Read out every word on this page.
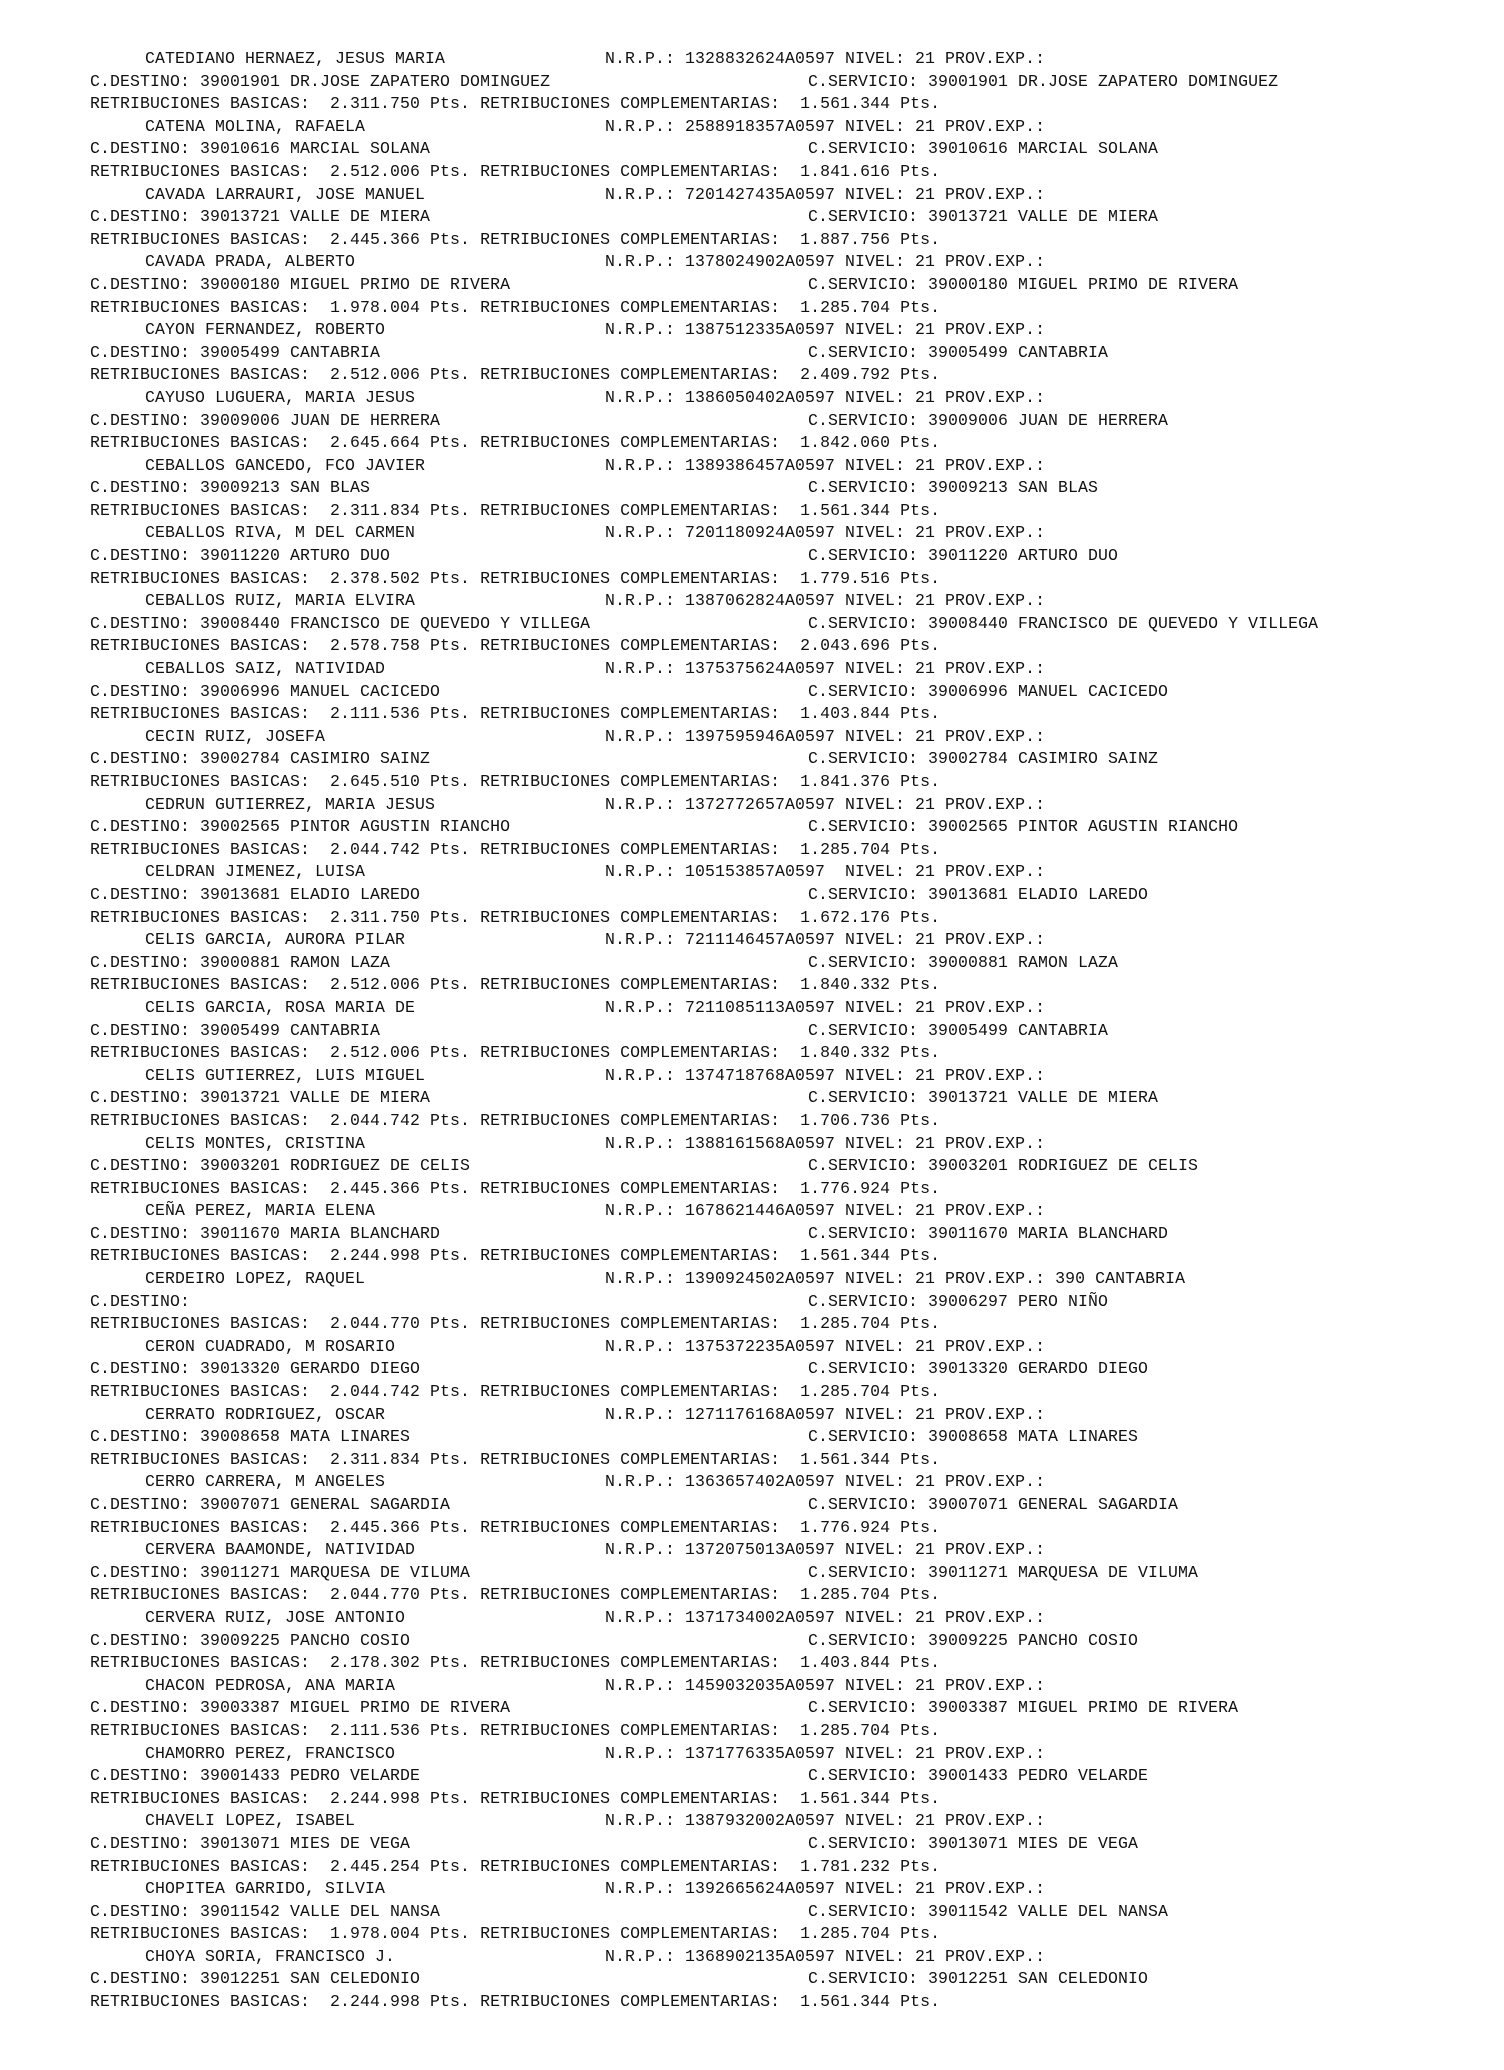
CATEDIANO HERNAEZ, JESUS MARIA

	N.R.P.: 1328832624A0597 NIVEL: 21 PROV.EXP.:

C.DESTINO: 39001901 DR.JOSE ZAPATERO DOMINGUEZ

	C.SERVICIO: 39001901 DR.JOSE ZAPATERO DOMINGUEZ

RETRIBUCIONES BASICAS:  2.311.750 Pts. RETRIBUCIONES COMPLEMENTARIAS:  1.561.344 Pts.

CATENA MOLINA, RAFAELA

	N.R.P.: 2588918357A0597 NIVEL: 21 PROV.EXP.:

C.DESTINO: 39010616 MARCIAL SOLANA

	C.SERVICIO: 39010616 MARCIAL SOLANA

RETRIBUCIONES BASICAS:  2.512.006 Pts. RETRIBUCIONES COMPLEMENTARIAS:  1.841.616 Pts.

CAVADA LARRAURI, JOSE MANUEL

	N.R.P.: 7201427435A0597 NIVEL: 21 PROV.EXP.:

C.DESTINO: 39013721 VALLE DE MIERA

	C.SERVICIO: 39013721 VALLE DE MIERA

RETRIBUCIONES BASICAS:  2.445.366 Pts. RETRIBUCIONES COMPLEMENTARIAS:  1.887.756 Pts.

CAVADA PRADA, ALBERTO

	N.R.P.: 1378024902A0597 NIVEL: 21 PROV.EXP.:

C.DESTINO: 39000180 MIGUEL PRIMO DE RIVERA

	C.SERVICIO: 39000180 MIGUEL PRIMO DE RIVERA

RETRIBUCIONES BASICAS:  1.978.004 Pts. RETRIBUCIONES COMPLEMENTARIAS:  1.285.704 Pts.

CAYON FERNANDEZ, ROBERTO

	N.R.P.: 1387512335A0597 NIVEL: 21 PROV.EXP.:

C.DESTINO: 39005499 CANTABRIA

	C.SERVICIO: 39005499 CANTABRIA

RETRIBUCIONES BASICAS:  2.512.006 Pts. RETRIBUCIONES COMPLEMENTARIAS:  2.409.792 Pts.

CAYUSO LUGUERA, MARIA JESUS

	N.R.P.: 1386050402A0597 NIVEL: 21 PROV.EXP.:

C.DESTINO: 39009006 JUAN DE HERRERA

	C.SERVICIO: 39009006 JUAN DE HERRERA

RETRIBUCIONES BASICAS:  2.645.664 Pts. RETRIBUCIONES COMPLEMENTARIAS:  1.842.060 Pts.

CEBALLOS GANCEDO, FCO JAVIER

	N.R.P.: 1389386457A0597 NIVEL: 21 PROV.EXP.:

C.DESTINO: 39009213 SAN BLAS

	C.SERVICIO: 39009213 SAN BLAS

RETRIBUCIONES BASICAS:  2.311.834 Pts. RETRIBUCIONES COMPLEMENTARIAS:  1.561.344 Pts.

CEBALLOS RIVA, M DEL CARMEN

	N.R.P.: 7201180924A0597 NIVEL: 21 PROV.EXP.:

C.DESTINO: 39011220 ARTURO DUO

	C.SERVICIO: 39011220 ARTURO DUO

RETRIBUCIONES BASICAS:  2.378.502 Pts. RETRIBUCIONES COMPLEMENTARIAS:  1.779.516 Pts.

CEBALLOS RUIZ, MARIA ELVIRA

	N.R.P.: 1387062824A0597 NIVEL: 21 PROV.EXP.:

C.DESTINO: 39008440 FRANCISCO DE QUEVEDO Y VILLEGA

	C.SERVICIO: 39008440 FRANCISCO DE QUEVEDO Y VILLEGA

RETRIBUCIONES BASICAS:  2.578.758 Pts. RETRIBUCIONES COMPLEMENTARIAS:  2.043.696 Pts.

CEBALLOS SAIZ, NATIVIDAD

	N.R.P.: 1375375624A0597 NIVEL: 21 PROV.EXP.:

C.DESTINO: 39006996 MANUEL CACICEDO

	C.SERVICIO: 39006996 MANUEL CACICEDO

RETRIBUCIONES BASICAS:  2.111.536 Pts. RETRIBUCIONES COMPLEMENTARIAS:  1.403.844 Pts.

CECIN RUIZ, JOSEFA

	N.R.P.: 1397595946A0597 NIVEL: 21 PROV.EXP.:

C.DESTINO: 39002784 CASIMIRO SAINZ

	C.SERVICIO: 39002784 CASIMIRO SAINZ

RETRIBUCIONES BASICAS:  2.645.510 Pts. RETRIBUCIONES COMPLEMENTARIAS:  1.841.376 Pts.

CEDRUN GUTIERREZ, MARIA JESUS

	N.R.P.: 1372772657A0597 NIVEL: 21 PROV.EXP.:

C.DESTINO: 39002565 PINTOR AGUSTIN RIANCHO

	C.SERVICIO: 39002565 PINTOR AGUSTIN RIANCHO

RETRIBUCIONES BASICAS:  2.044.742 Pts. RETRIBUCIONES COMPLEMENTARIAS:  1.285.704 Pts.

CELDRAN JIMENEZ, LUISA

	N.R.P.: 105153857A0597  NIVEL: 21 PROV.EXP.:

C.DESTINO: 39013681 ELADIO LAREDO

	C.SERVICIO: 39013681 ELADIO LAREDO

RETRIBUCIONES BASICAS:  2.311.750 Pts. RETRIBUCIONES COMPLEMENTARIAS:  1.672.176 Pts.

CELIS GARCIA, AURORA PILAR

	N.R.P.: 7211146457A0597 NIVEL: 21 PROV.EXP.:

C.DESTINO: 39000881 RAMON LAZA

	C.SERVICIO: 39000881 RAMON LAZA

RETRIBUCIONES BASICAS:  2.512.006 Pts. RETRIBUCIONES COMPLEMENTARIAS:  1.840.332 Pts.

CELIS GARCIA, ROSA MARIA DE

	N.R.P.: 7211085113A0597 NIVEL: 21 PROV.EXP.:

C.DESTINO: 39005499 CANTABRIA

	C.SERVICIO: 39005499 CANTABRIA

RETRIBUCIONES BASICAS:  2.512.006 Pts. RETRIBUCIONES COMPLEMENTARIAS:  1.840.332 Pts.

CELIS GUTIERREZ, LUIS MIGUEL

	N.R.P.: 1374718768A0597 NIVEL: 21 PROV.EXP.:

C.DESTINO: 39013721 VALLE DE MIERA

	C.SERVICIO: 39013721 VALLE DE MIERA

RETRIBUCIONES BASICAS:  2.044.742 Pts. RETRIBUCIONES COMPLEMENTARIAS:  1.706.736 Pts.

CELIS MONTES, CRISTINA

	N.R.P.: 1388161568A0597 NIVEL: 21 PROV.EXP.:

C.DESTINO: 39003201 RODRIGUEZ DE CELIS

	C.SERVICIO: 39003201 RODRIGUEZ DE CELIS

RETRIBUCIONES BASICAS:  2.445.366 Pts. RETRIBUCIONES COMPLEMENTARIAS:  1.776.924 Pts.

CEÑA PEREZ, MARIA ELENA

	N.R.P.: 1678621446A0597 NIVEL: 21 PROV.EXP.:

C.DESTINO: 39011670 MARIA BLANCHARD

	C.SERVICIO: 39011670 MARIA BLANCHARD

RETRIBUCIONES BASICAS:  2.244.998 Pts. RETRIBUCIONES COMPLEMENTARIAS:  1.561.344 Pts.

CERDEIRO LOPEZ, RAQUEL

	N.R.P.: 1390924502A0597 NIVEL: 21 PROV.EXP.: 390 CANTABRIA

C.DESTINO:

	C.SERVICIO: 39006297 PERO NIÑO

RETRIBUCIONES BASICAS:  2.044.770 Pts. RETRIBUCIONES COMPLEMENTARIAS:  1.285.704 Pts.

CERON CUADRADO, M ROSARIO

	N.R.P.: 1375372235A0597 NIVEL: 21 PROV.EXP.:

C.DESTINO: 39013320 GERARDO DIEGO

	C.SERVICIO: 39013320 GERARDO DIEGO

RETRIBUCIONES BASICAS:  2.044.742 Pts. RETRIBUCIONES COMPLEMENTARIAS:  1.285.704 Pts.

CERRATO RODRIGUEZ, OSCAR

	N.R.P.: 1271176168A0597 NIVEL: 21 PROV.EXP.:

C.DESTINO: 39008658 MATA LINARES

	C.SERVICIO: 39008658 MATA LINARES

RETRIBUCIONES BASICAS:  2.311.834 Pts. RETRIBUCIONES COMPLEMENTARIAS:  1.561.344 Pts.

CERRO CARRERA, M ANGELES

	N.R.P.: 1363657402A0597 NIVEL: 21 PROV.EXP.:

C.DESTINO: 39007071 GENERAL SAGARDIA

	C.SERVICIO: 39007071 GENERAL SAGARDIA

RETRIBUCIONES BASICAS:  2.445.366 Pts. RETRIBUCIONES COMPLEMENTARIAS:  1.776.924 Pts.

CERVERA BAAMONDE, NATIVIDAD

	N.R.P.: 1372075013A0597 NIVEL: 21 PROV.EXP.:

C.DESTINO: 39011271 MARQUESA DE VILUMA

	C.SERVICIO: 39011271 MARQUESA DE VILUMA

RETRIBUCIONES BASICAS:  2.044.770 Pts. RETRIBUCIONES COMPLEMENTARIAS:  1.285.704 Pts.

CERVERA RUIZ, JOSE ANTONIO

	N.R.P.: 1371734002A0597 NIVEL: 21 PROV.EXP.:

C.DESTINO: 39009225 PANCHO COSIO

	C.SERVICIO: 39009225 PANCHO COSIO

RETRIBUCIONES BASICAS:  2.178.302 Pts. RETRIBUCIONES COMPLEMENTARIAS:  1.403.844 Pts.

CHACON PEDROSA, ANA MARIA

	N.R.P.: 1459032035A0597 NIVEL: 21 PROV.EXP.:

C.DESTINO: 39003387 MIGUEL PRIMO DE RIVERA

	C.SERVICIO: 39003387 MIGUEL PRIMO DE RIVERA

RETRIBUCIONES BASICAS:  2.111.536 Pts. RETRIBUCIONES COMPLEMENTARIAS:  1.285.704 Pts.

CHAMORRO PEREZ, FRANCISCO

	N.R.P.: 1371776335A0597 NIVEL: 21 PROV.EXP.:

C.DESTINO: 39001433 PEDRO VELARDE

	C.SERVICIO: 39001433 PEDRO VELARDE

RETRIBUCIONES BASICAS:  2.244.998 Pts. RETRIBUCIONES COMPLEMENTARIAS:  1.561.344 Pts.

CHAVELI LOPEZ, ISABEL

	N.R.P.: 1387932002A0597 NIVEL: 21 PROV.EXP.:

C.DESTINO: 39013071 MIES DE VEGA

	C.SERVICIO: 39013071 MIES DE VEGA

RETRIBUCIONES BASICAS:  2.445.254 Pts. RETRIBUCIONES COMPLEMENTARIAS:  1.781.232 Pts.

CHOPITEA GARRIDO, SILVIA

	N.R.P.: 1392665624A0597 NIVEL: 21 PROV.EXP.:

C.DESTINO: 39011542 VALLE DEL NANSA

	C.SERVICIO: 39011542 VALLE DEL NANSA

RETRIBUCIONES BASICAS:  1.978.004 Pts. RETRIBUCIONES COMPLEMENTARIAS:  1.285.704 Pts.

CHOYA SORIA, FRANCISCO J.

	N.R.P.: 1368902135A0597 NIVEL: 21 PROV.EXP.:

C.DESTINO: 39012251 SAN CELEDONIO

	C.SERVICIO: 39012251 SAN CELEDONIO

RETRIBUCIONES BASICAS:  2.244.998 Pts. RETRIBUCIONES COMPLEMENTARIAS:  1.561.344 Pts.
